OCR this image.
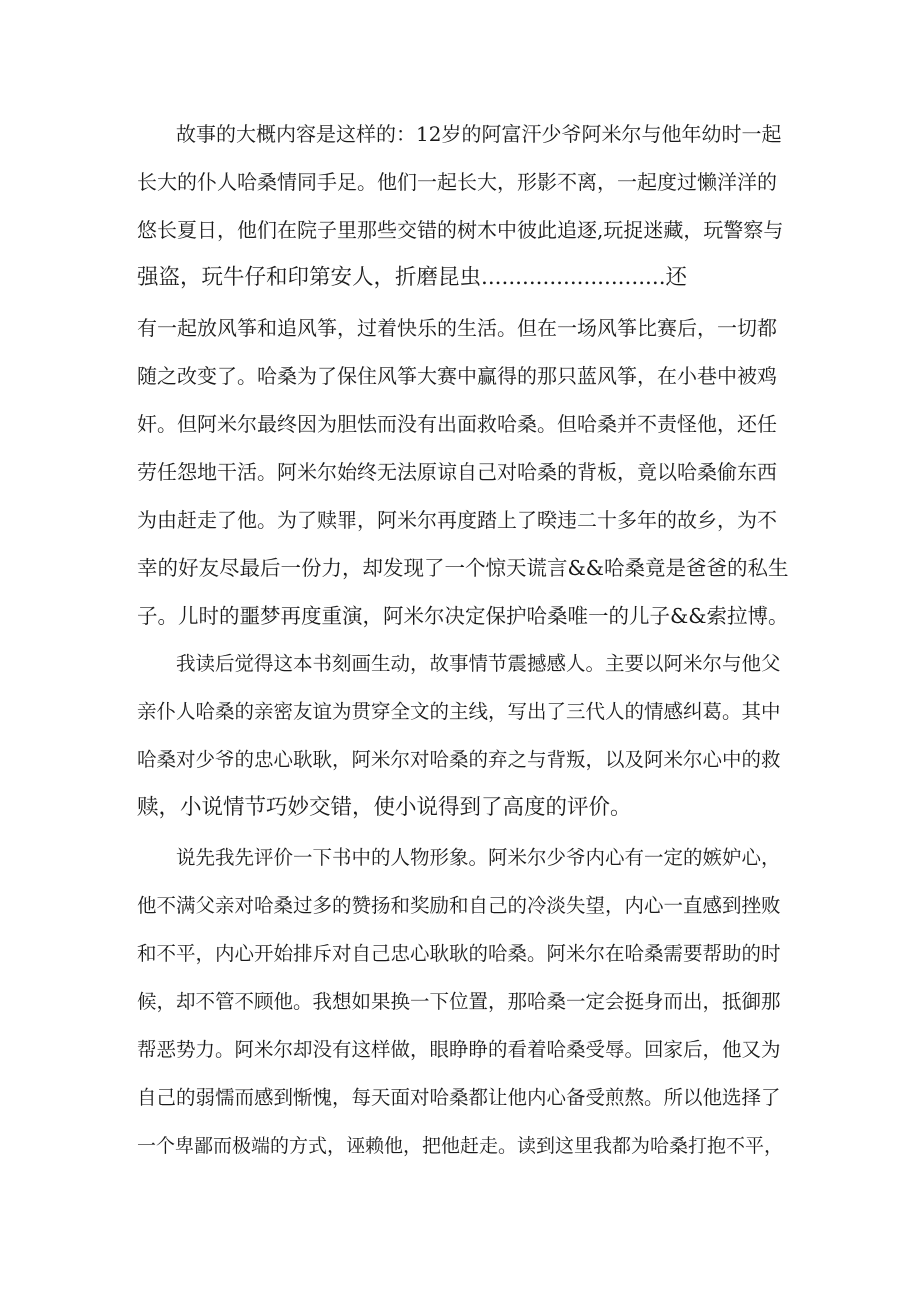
故事的大概内容是这样的：12岁的阿富汗少爷阿米尔与他年幼时一起
长大的仆人哈桑情同手足。他们一起长大，形影不离，一起度过懒洋洋的
悠长夏日，他们在院子里那些交错的树木中彼此追逐,玩捉迷藏，玩警察与
强盗，玩牛仔和印第安人，折磨昆虫...........................还
有一起放风筝和追风筝，过着快乐的生活。但在一场风筝比赛后，一切都
随之改变了。哈桑为了保住风筝大赛中赢得的那只蓝风筝，在小巷中被鸡
奸。但阿米尔最终因为胆怯而没有出面救哈桑。但哈桑并不责怪他，还任
劳任怨地干活。阿米尔始终无法原谅自己对哈桑的背板，竟以哈桑偷东西
为由赶走了他。为了赎罪，阿米尔再度踏上了暌违二十多年的故乡，为不
幸的好友尽最后一份力，却发现了一个惊天谎言&&哈桑竟是爸爸的私生
子。儿时的噩梦再度重演，阿米尔决定保护哈桑唯一的儿子&&索拉博。
我读后觉得这本书刻画生动，故事情节震撼感人。主要以阿米尔与他父
亲仆人哈桑的亲密友谊为贯穿全文的主线，写出了三代人的情感纠葛。其中
哈桑对少爷的忠心耿耿，阿米尔对哈桑的弃之与背叛，以及阿米尔心中的救
赎，小说情节巧妙交错，使小说得到了高度的评价。
说先我先评价一下书中的人物形象。阿米尔少爷内心有一定的嫉妒心，
他不满父亲对哈桑过多的赞扬和奖励和自己的冷淡失望，内心一直感到挫败
和不平，内心开始排斥对自己忠心耿耿的哈桑。阿米尔在哈桑需要帮助的时
候，却不管不顾他。我想如果换一下位置，那哈桑一定会挺身而出，抵御那
帮恶势力。阿米尔却没有这样做，眼睁睁的看着哈桑受辱。回家后，他又为
自己的弱懦而感到惭愧，每天面对哈桑都让他内心备受煎熬。所以他选择了
一个卑鄙而极端的方式，诬赖他，把他赶走。读到这里我都为哈桑打抱不平，
